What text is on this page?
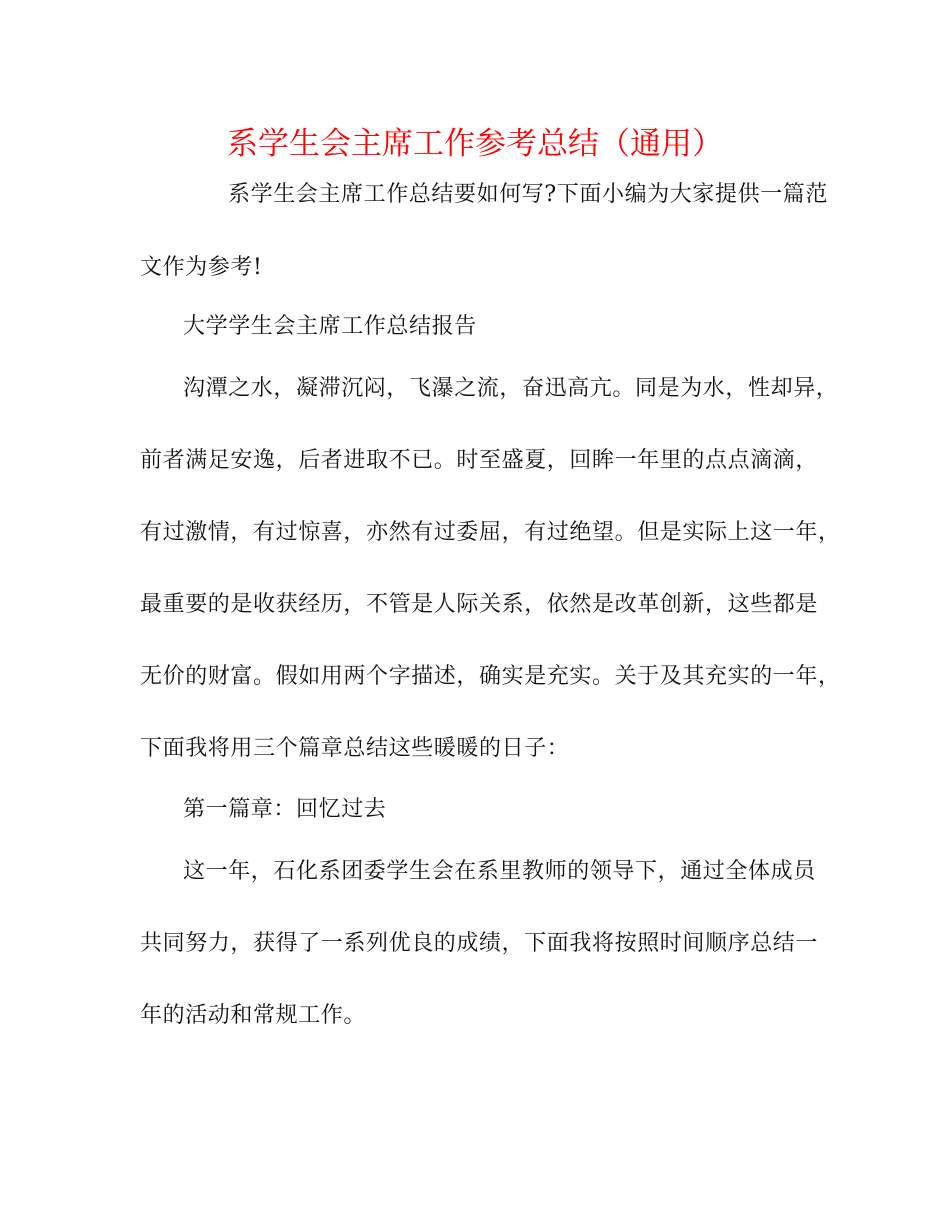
系学生会主席工作参考总结（通用）
系学生会主席工作总结要如何写?下面小编为大家提供一篇范
文作为参考!
大学学生会主席工作总结报告
沟潭之水，凝滞沉闷，飞瀑之流，奋迅高亢。同是为水，性却异，
前者满足安逸，后者进取不已。时至盛夏，回眸一年里的点点滴滴，
有过激情，有过惊喜，亦然有过委屈，有过绝望。但是实际上这一年，
最重要的是收获经历，不管是人际关系，依然是改革创新，这些都是
无价的财富。假如用两个字描述，确实是充实。关于及其充实的一年，
下面我将用三个篇章总结这些暖暖的日子：
第一篇章：回忆过去
这一年，石化系团委学生会在系里教师的领导下，通过全体成员
共同努力，获得了一系列优良的成绩，下面我将按照时间顺序总结一
年的活动和常规工作。
